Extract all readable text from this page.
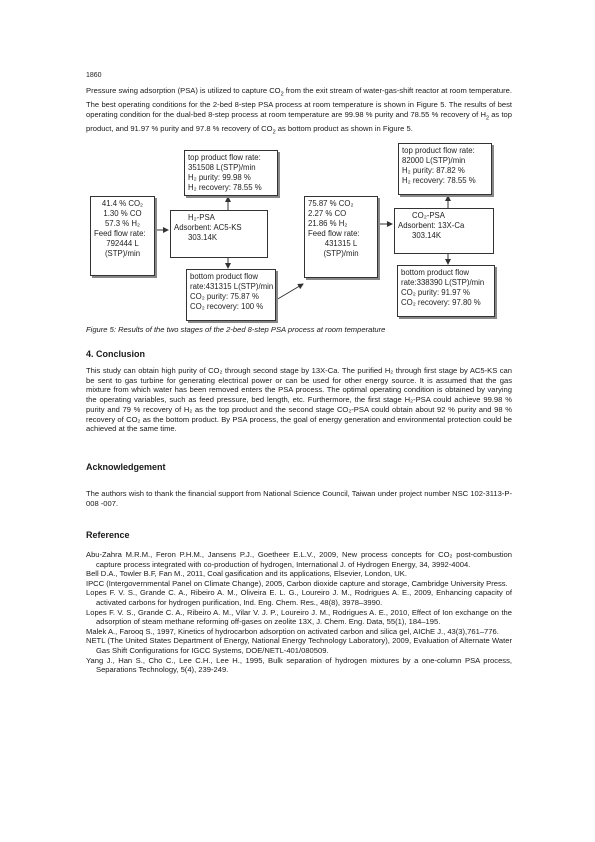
1860

Pressure swing adsorption (PSA) is utilized to capture $CO_2$ from the exit stream of water-gas-shift reactor at room temperature. The best operating conditions for the 2-bed 8-step PSA process at room temperature is shown in Figure 5. The results of best operating condition for the dual-bed 8-step process at room temperature are 99.98 % purity and 78.55 % recovery of $H_2$ as top product, and 91.97 % purity and 97.8 % recovery of $CO_2$ as bottom product as shown in Figure 5.

41.4 % CO₂
1.30 % CO
57.3 % H₂
Feed flow rate:
792444 L
(STP)/min
H₂-PSA
Adsorbent: AC5-KS
303.14K
top product flow rate:
351508 L(STP)/min
H₂ purity: 99.98 %
H₂ recovery: 78.55 %
bottom product flow
rate:431315 L(STP)/min
CO₂ purity: 75.87 %
CO₂ recovery: 100 %
75.87 % CO₂
2.27 % CO
21.86 % H₂
Feed flow rate:
431315 L
(STP)/min
CO₂-PSA
Adsorbent: 13X-Ca
303.14K
top product flow rate:
82000 L(STP)/min
H₂ purity: 87.82 %
H₂ recovery: 78.55 %
bottom product flow
rate:338390 L(STP)/min
CO₂ purity: 91.97 %
CO₂ recovery: 97.80 %
Figure 5: Results of the two stages of the 2-bed 8-step PSA process at room temperature
4. Conclusion

This study can obtain high purity of CO₂ through second stage by 13X-Ca. The purified H₂ through first stage by AC5-KS can be sent to gas turbine for generating electrical power or can be used for other energy source. It is assumed that the gas mixture from which water has been removed enters the PSA process. The optimal operating condition is obtained by varying the operating variables, such as feed pressure, bed length, etc. Furthermore, the first stage H₂-PSA could achieve 99.98 % purity and 79 % recovery of H₂ as the top product and the second stage CO₂-PSA could obtain about 92 % purity and 98 % recovery of CO₂ as the bottom product. By PSA process, the goal of energy generation and environmental protection could be achieved at the same time.

Acknowledgement

The authors wish to thank the financial support from National Science Council, Taiwan under project number NSC 102-3113-P-008 -007.

Reference
Abu-Zahra M.R.M., Feron P.H.M., Jansens P.J., Goetheer E.L.V., 2009, New process concepts for CO₂ post-combustion capture process integrated with co-production of hydrogen, International J. of Hydrogen Energy, 34, 3992-4004.
Bell D.A., Towler B.F, Fan M., 2011, Coal gasification and its applications, Elsevier, London, UK.
IPCC (Intergovernmental Panel on Climate Change), 2005, Carbon dioxide capture and storage, Cambridge University Press.
Lopes F. V. S., Grande C. A., Ribeiro A. M., Oliveira E. L. G., Loureiro J. M., Rodrigues A. E., 2009, Enhancing capacity of activated carbons for hydrogen purification, Ind. Eng. Chem. Res., 48(8), 3978–3990.
Lopes F. V. S., Grande C. A., Ribeiro A. M., Vilar V. J. P., Loureiro J. M., Rodrigues A. E., 2010, Effect of Ion exchange on the adsorption of steam methane reforming off-gases on zeolite 13X, J. Chem. Eng. Data, 55(1), 184–195.
Malek A., Farooq S., 1997, Kinetics of hydrocarbon adsorption on activated carbon and silica gel, AIChE J., 43(3),761–776.
NETL (The United States Department of Energy, National Energy Technology Laboratory), 2009, Evaluation of Alternate Water Gas Shift Configurations for IGCC Systems, DOE/NETL-401/080509.
Yang J., Han S., Cho C., Lee C.H., Lee H., 1995, Bulk separation of hydrogen mixtures by a one-column PSA process, Separations Technology, 5(4), 239-249.
